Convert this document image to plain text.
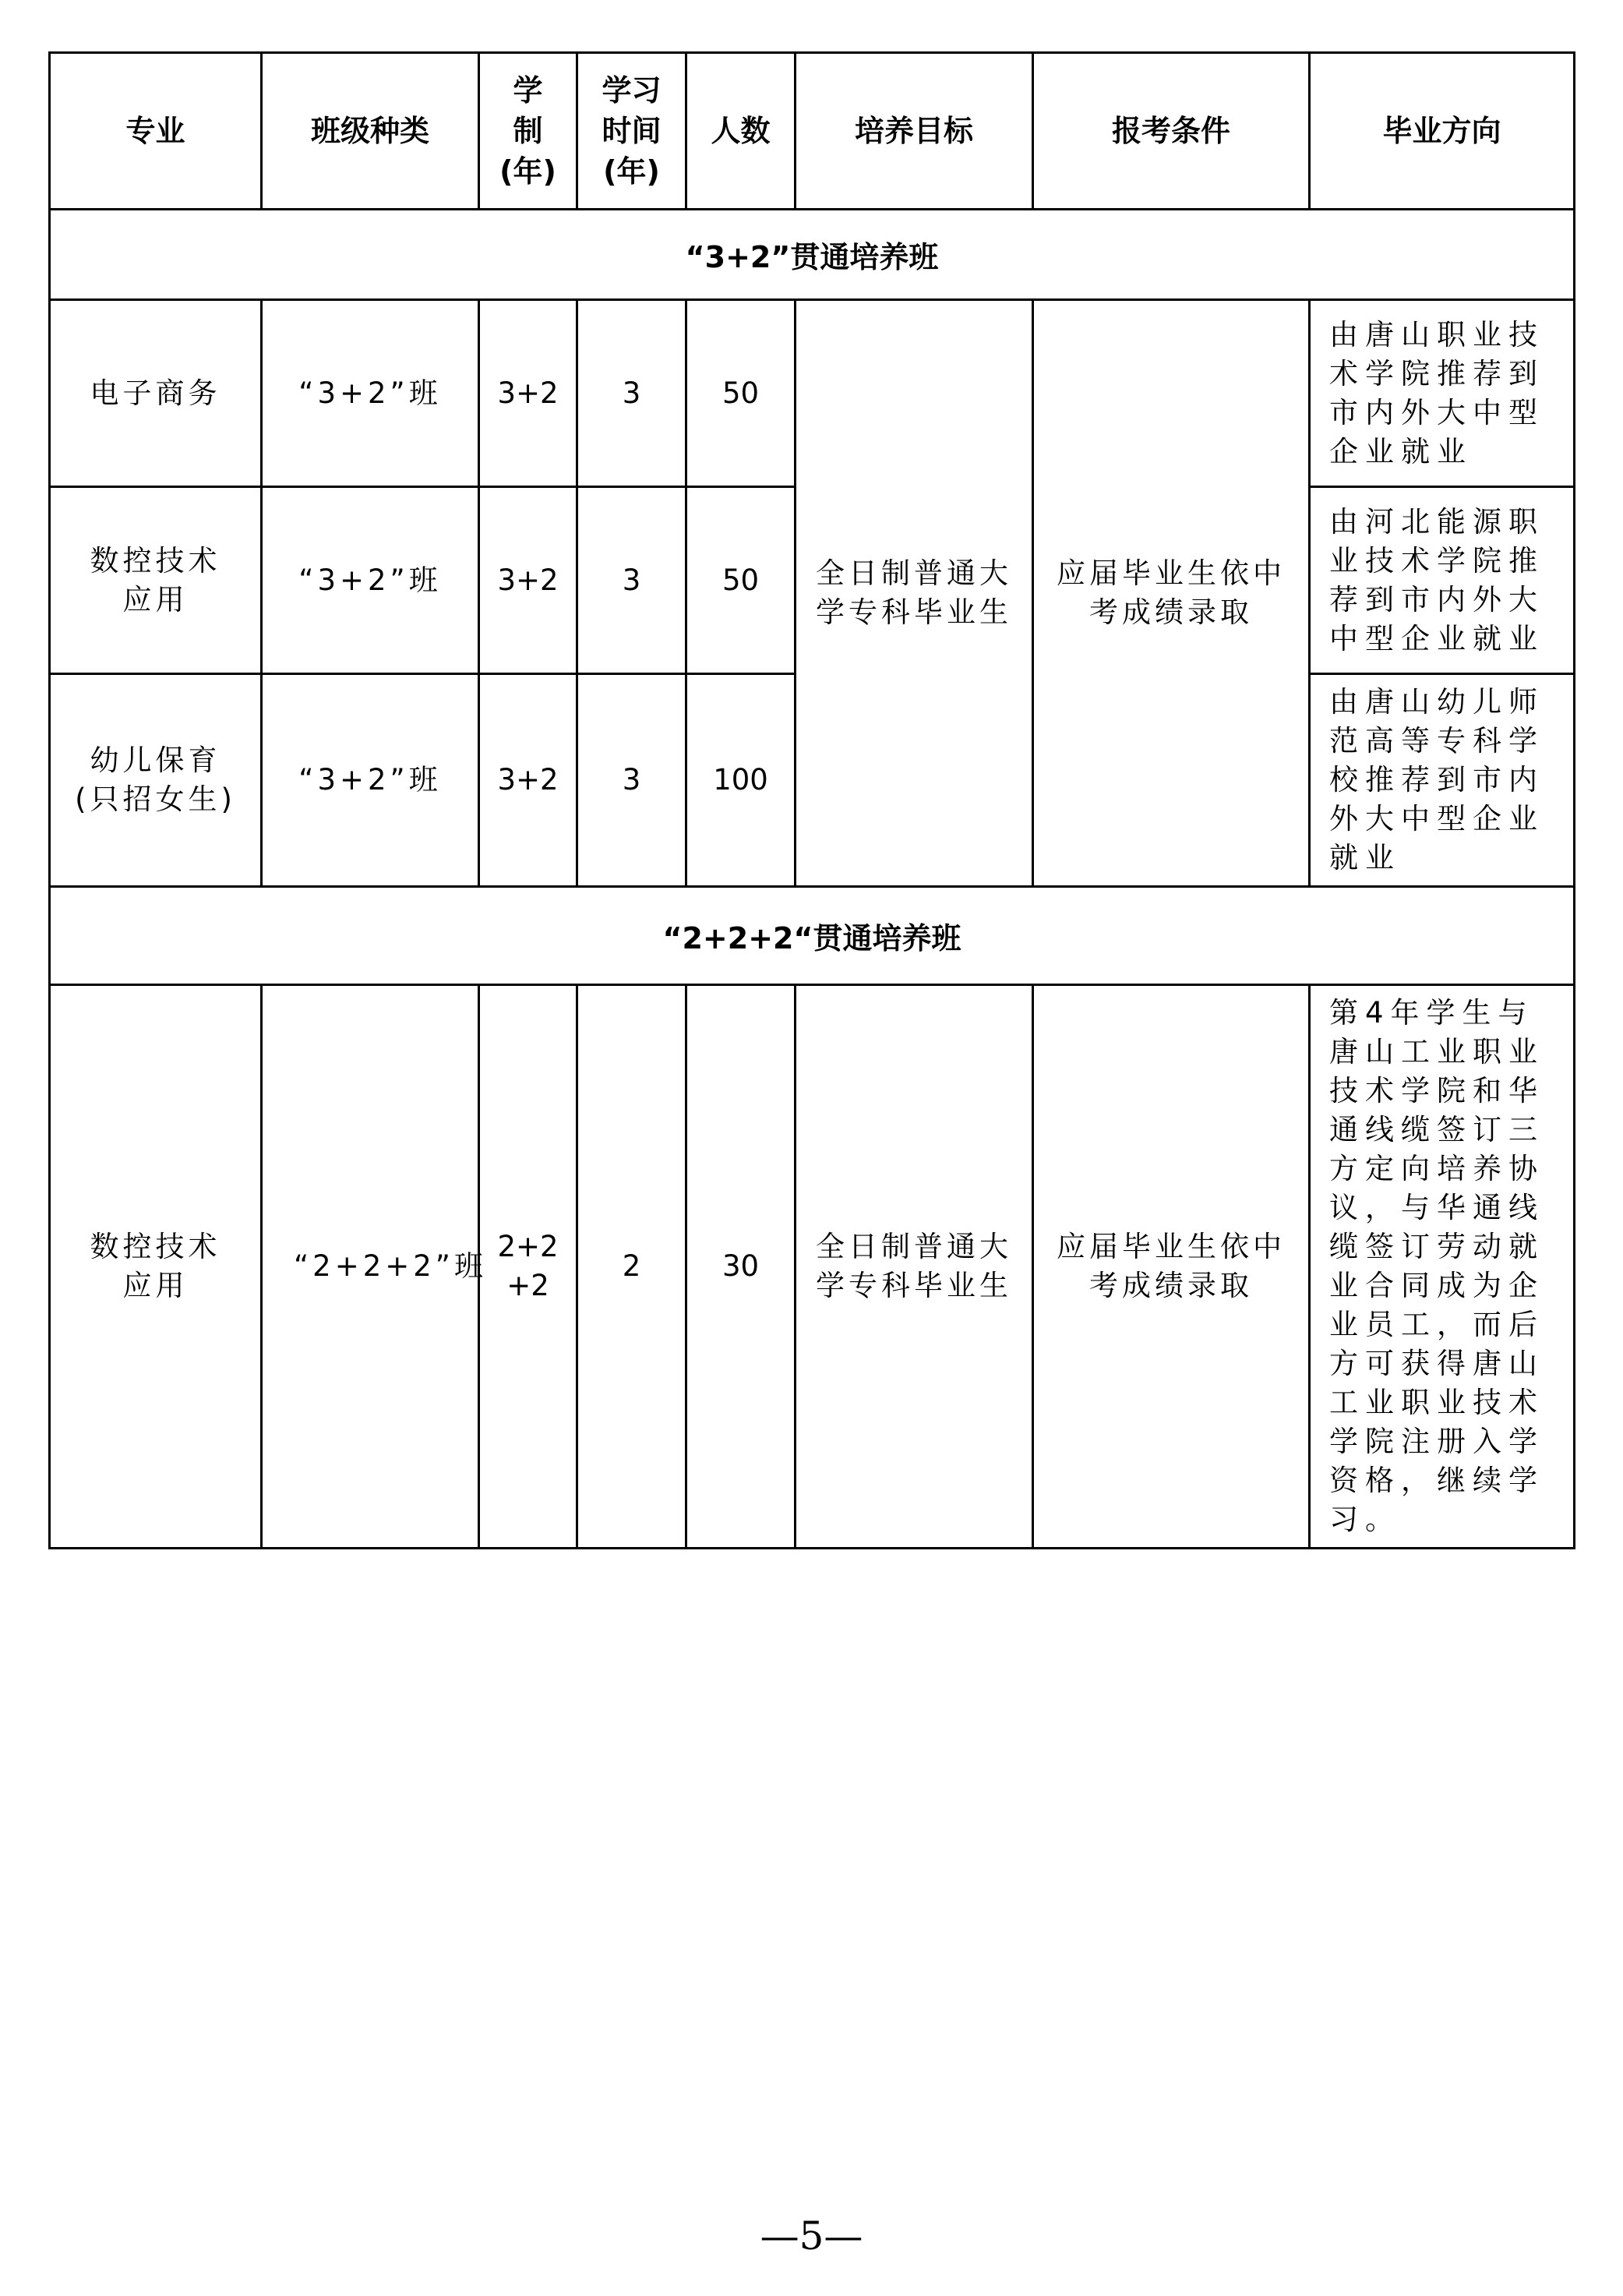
专业	班级种类	学
制
(年)	学习
时间
(年)	人数	培养目标	报考条件	毕业方向
“3+2”贯通培养班							
电子商务	“3+2”班	3+2	3	50	全日制普通大学专科毕业生	应届毕业生依中考成绩录取	由唐山职业技术学院推荐到市内外大中型企业就业
数控技术应用	“3+2”班	3+2	3	50			由河北能源职业技术学院推荐到市内外大中型企业就业
幼儿保育(只招女生)	“3+2”班	3+2	3	100			由唐山幼儿师范高等专科学校推荐到市内外大中型企业就业
“2+2+2“贯通培养班							
数控技术应用	“2+2+2”班	2+2+2	2	30	全日制普通大学专科毕业生	应届毕业生依中考成绩录取	第4年学生与唐山工业职业技术学院和华通线缆签订三方定向培养协议，与华通线缆签订劳动就业合同成为企业员工，而后方可获得唐山工业职业技术学院注册入学资格，继续学习。
—5—
